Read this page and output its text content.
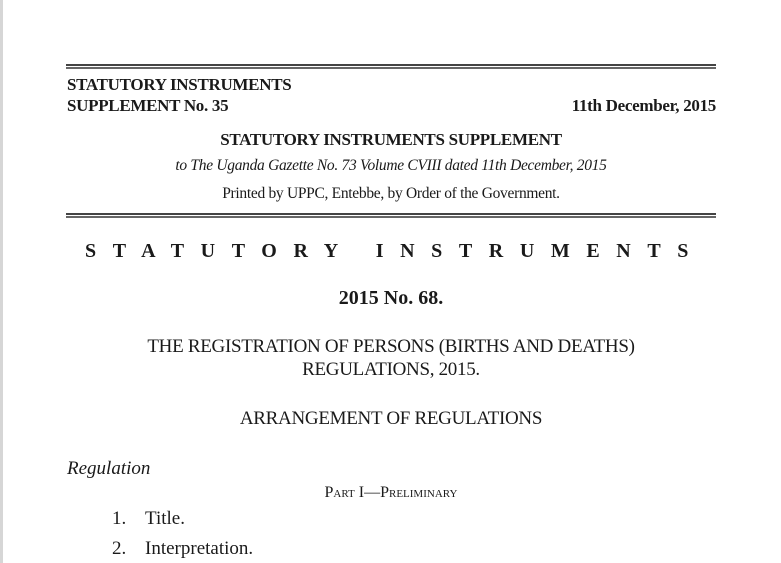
STATUTORY INSTRUMENTS
SUPPLEMENT No. 35	11th December, 2015
STATUTORY INSTRUMENTS SUPPLEMENT
to The Uganda Gazette No. 73 Volume CVIII dated 11th December, 2015
Printed by UPPC, Entebbe, by Order of the Government.
STATUTORY INSTRUMENTS
2015 No. 68.
THE REGISTRATION OF PERSONS (BIRTHS AND DEATHS)
REGULATIONS, 2015.
ARRANGEMENT OF REGULATIONS
Regulation
Part I—Preliminary
1. Title.
2. Interpretation.
